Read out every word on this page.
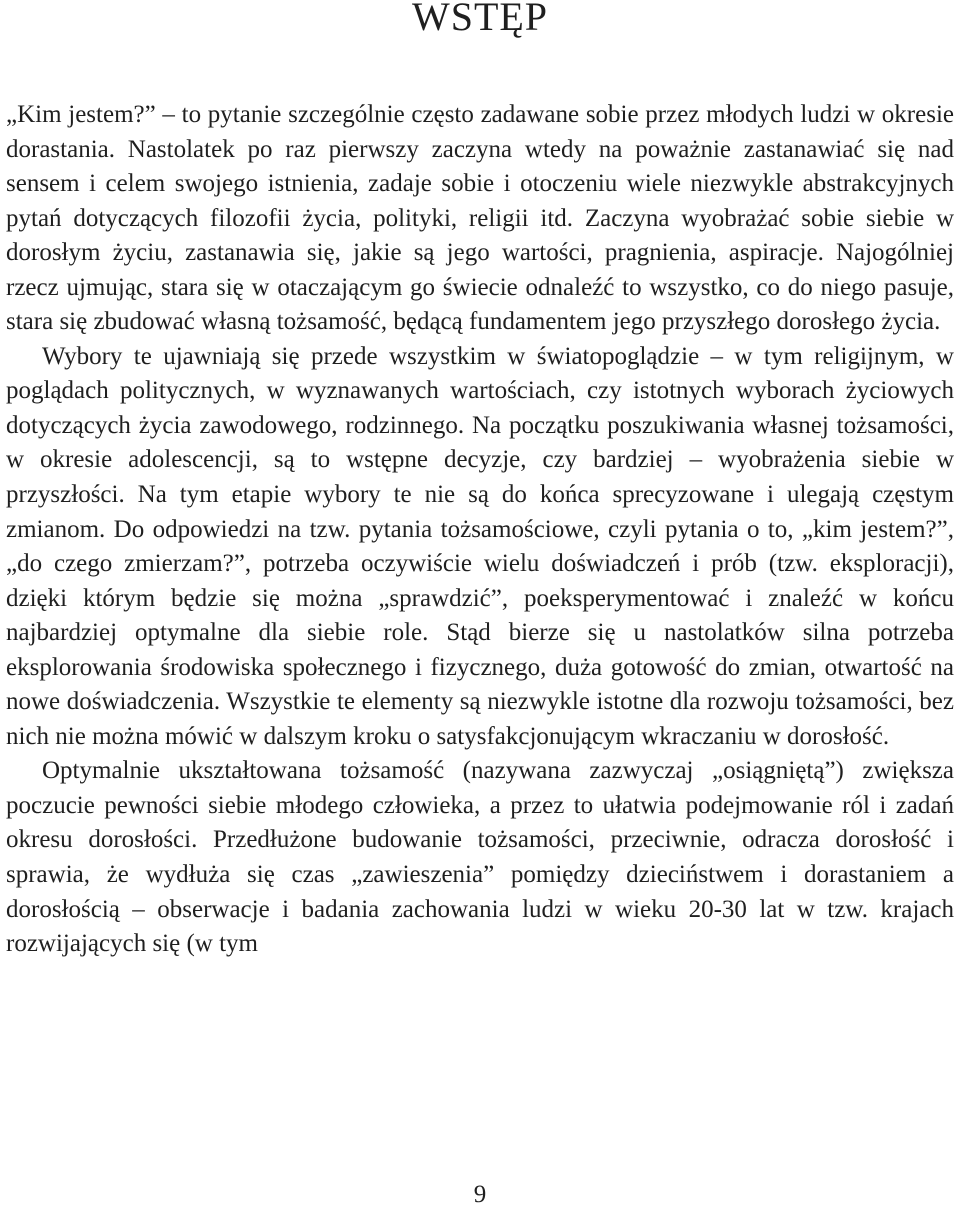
WSTĘP

„Kim jestem?” – to pytanie szczególnie często zadawane sobie przez młodych ludzi w okresie dorastania. Nastolatek po raz pierwszy zaczyna wtedy na poważnie zastanawiać się nad sensem i celem swojego istnienia, zadaje sobie i otoczeniu wiele niezwykle abstrakcyjnych pytań dotyczących filozofii życia, polityki, religii itd. Zaczyna wyobrażać sobie siebie w dorosłym życiu, zastanawia się, jakie są jego wartości, pragnienia, aspiracje. Najogólniej rzecz ujmując, stara się w otaczającym go świecie odnaleźć to wszystko, co do niego pasuje, stara się zbudować własną tożsamość, będącą fundamentem jego przyszłego dorosłego życia.

Wybory te ujawniają się przede wszystkim w światopoglądzie – w tym religijnym, w poglądach politycznych, w wyznawanych wartościach, czy istotnych wyborach życiowych dotyczących życia zawodowego, rodzinnego. Na początku poszukiwania własnej tożsamości, w okresie adolescencji, są to wstępne decyzje, czy bardziej – wyobrażenia siebie w przyszłości. Na tym etapie wybory te nie są do końca sprecyzowane i ulegają częstym zmianom. Do odpowiedzi na tzw. pytania tożsamościowe, czyli pytania o to, „kim jestem?”, „do czego zmierzam?”, potrzeba oczywiście wielu doświadczeń i prób (tzw. eksploracji), dzięki którym będzie się można „sprawdzić”, poeksperymentować i znaleźć w końcu najbardziej optymalne dla siebie role. Stąd bierze się u nastolatków silna potrzeba eksplorowania środowiska społecznego i fizycznego, duża gotowość do zmian, otwartość na nowe doświadczenia. Wszystkie te elementy są niezwykle istotne dla rozwoju tożsamości, bez nich nie można mówić w dalszym kroku o satysfakcjonującym wkraczaniu w dorosłość.

Optymalnie ukształtowana tożsamość (nazywana zazwyczaj „osiągniętą”) zwiększa poczucie pewności siebie młodego człowieka, a przez to ułatwia podejmowanie ról i zadań okresu dorosłości. Przedłużone budowanie tożsamości, przeciwnie, odracza dorosłość i sprawia, że wydłuża się czas „zawieszenia” pomiędzy dzieciństwem i dorastaniem a dorosłością – obserwacje i badania zachowania ludzi w wieku 20-30 lat w tzw. krajach rozwijających się (w tym

9
